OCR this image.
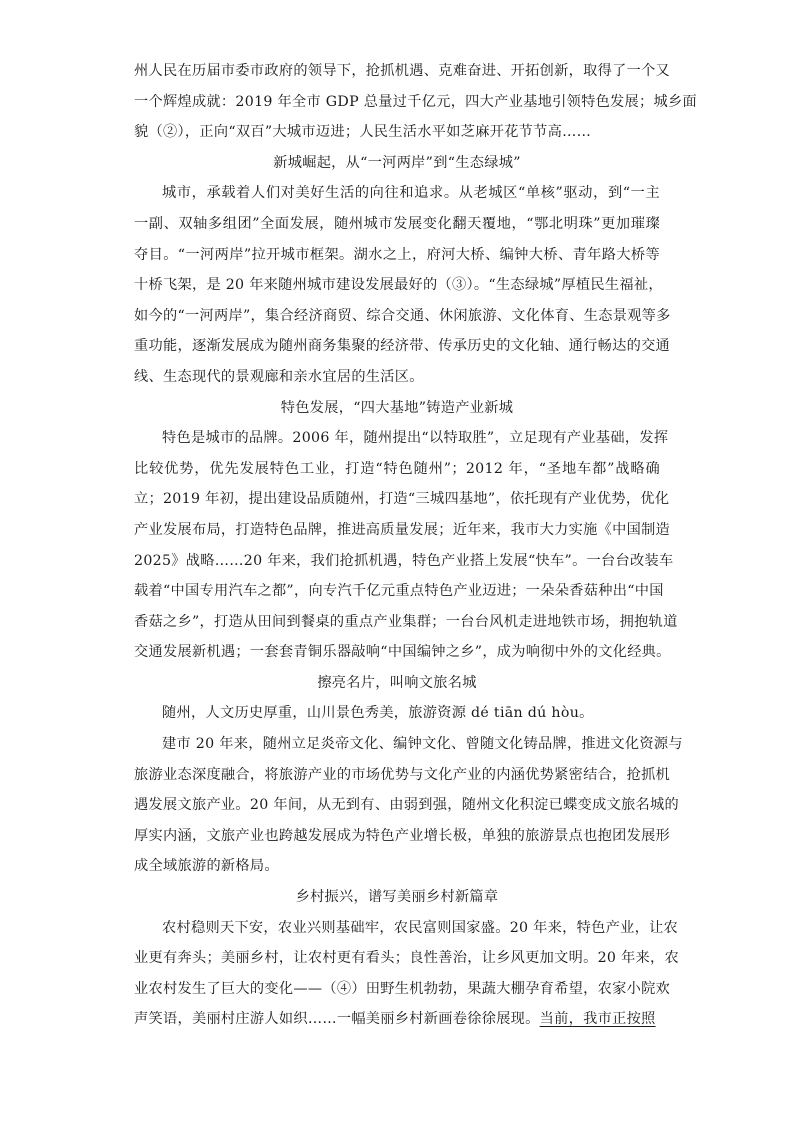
州人民在历届市委市政府的领导下，抢抓机遇、克难奋进、开拓创新，取得了一个又
一个辉煌成就：2019 年全市 GDP 总量过千亿元，四大产业基地引领特色发展；城乡面
貌（②），正向“双百”大城市迈进；人民生活水平如芝麻开花节节高……
新城崛起，从“一河两岸”到“生态绿城”
城市，承载着人们对美好生活的向往和追求。从老城区“单核”驱动，到“一主
一副、双轴多组团”全面发展，随州城市发展变化翻天覆地，“鄂北明珠”更加璀璨
夺目。“一河两岸”拉开城市框架。湖水之上，府河大桥、编钟大桥、青年路大桥等
十桥飞架，是 20 年来随州城市建设发展最好的（③）。“生态绿城”厚植民生福祉，
如今的“一河两岸”，集合经济商贸、综合交通、休闲旅游、文化体育、生态景观等多
重功能，逐渐发展成为随州商务集聚的经济带、传承历史的文化轴、通行畅达的交通
线、生态现代的景观廊和亲水宜居的生活区。
特色发展，“四大基地”铸造产业新城
特色是城市的品牌。2006 年，随州提出“以特取胜”，立足现有产业基础，发挥
比较优势，优先发展特色工业，打造“特色随州”；2012 年，“圣地车都”战略确
立；2019 年初，提出建设品质随州，打造“三城四基地”，依托现有产业优势，优化
产业发展布局，打造特色品牌，推进高质量发展；近年来，我市大力实施《中国制造
2025》战略……20 年来，我们抢抓机遇，特色产业搭上发展“快车”。一台台改装车
载着“中国专用汽车之都”，向专汽千亿元重点特色产业迈进；一朵朵香菇种出“中国
香菇之乡”，打造从田间到餐桌的重点产业集群；一台台风机走进地铁市场，拥抱轨道
交通发展新机遇；一套套青铜乐器敲响“中国编钟之乡”，成为响彻中外的文化经典。
擦亮名片，叫响文旅名城
随州，人文历史厚重，山川景色秀美，旅游资源 dé tiān dú hòu。
建市 20 年来，随州立足炎帝文化、编钟文化、曾随文化铸品牌，推进文化资源与
旅游业态深度融合，将旅游产业的市场优势与文化产业的内涵优势紧密结合，抢抓机
遇发展文旅产业。20 年间，从无到有、由弱到强，随州文化积淀已蝶变成文旅名城的
厚实内涵，文旅产业也跨越发展成为特色产业增长极，单独的旅游景点也抱团发展形
成全域旅游的新格局。
乡村振兴，谱写美丽乡村新篇章
农村稳则天下安，农业兴则基础牢，农民富则国家盛。20 年来，特色产业，让农
业更有奔头；美丽乡村，让农村更有看头；良性善治，让乡风更加文明。20 年来，农
业农村发生了巨大的变化——（④）田野生机勃勃，果蔬大棚孕育希望，农家小院欢
声笑语，美丽村庄游人如织……一幅美丽乡村新画卷徐徐展现。当前，我市正按照
